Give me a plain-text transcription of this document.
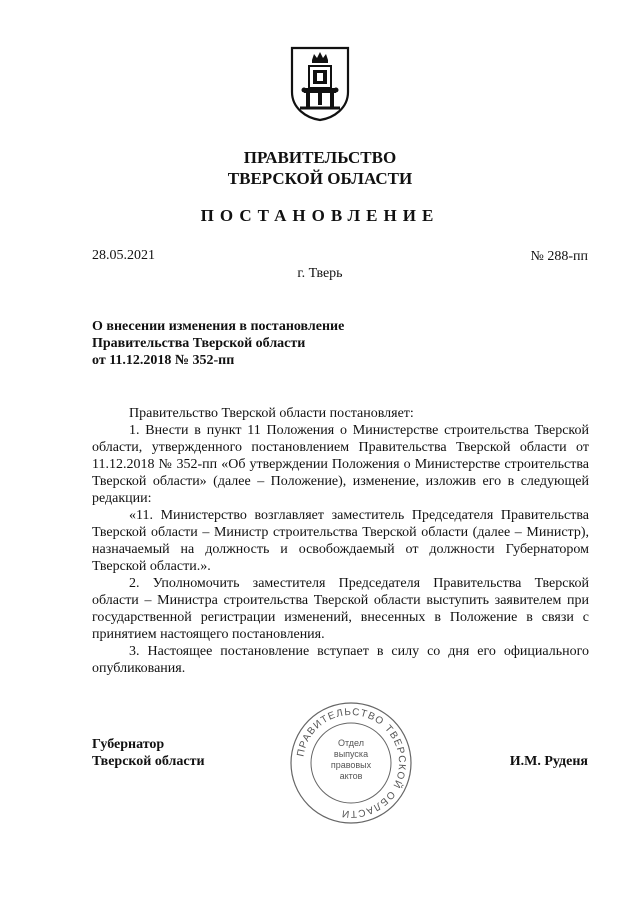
ПРАВИТЕЛЬСТВО
ТВЕРСКОЙ ОБЛАСТИ
ПОСТАНОВЛЕНИЕ
28.05.2021	№ 288-пп
г. Тверь
О внесении изменения в постановление
Правительства Тверской области
от 11.12.2018 № 352-пп

Правительство Тверской области постановляет:

1. Внести в пункт 11 Положения о Министерстве строительства Тверской области, утвержденного постановлением Правительства Тверской области от 11.12.2018 № 352-пп «Об утверждении Положения о Министерстве строительства Тверской области» (далее – Положение), изменение, изложив его в следующей редакции:

«11. Министерство возглавляет заместитель Председателя Правительства Тверской области – Министр строительства Тверской области (далее – Министр), назначаемый на должность и освобождаемый от должности Губернатором Тверской области.».

2. Уполномочить заместителя Председателя Правительства Тверской области – Министра строительства Тверской области выступить заявителем при государственной регистрации изменений, внесенных в Положение в связи с принятием настоящего постановления.

3. Настоящее постановление вступает в силу со дня его официального опубликования.

Губернатор
Тверской области	И.М. Руденя
ПРАВИТЕЛЬСТВО ТВЕРСКОЙ ОБЛАСТИ
Отдел
выпуска
правовых
актов
